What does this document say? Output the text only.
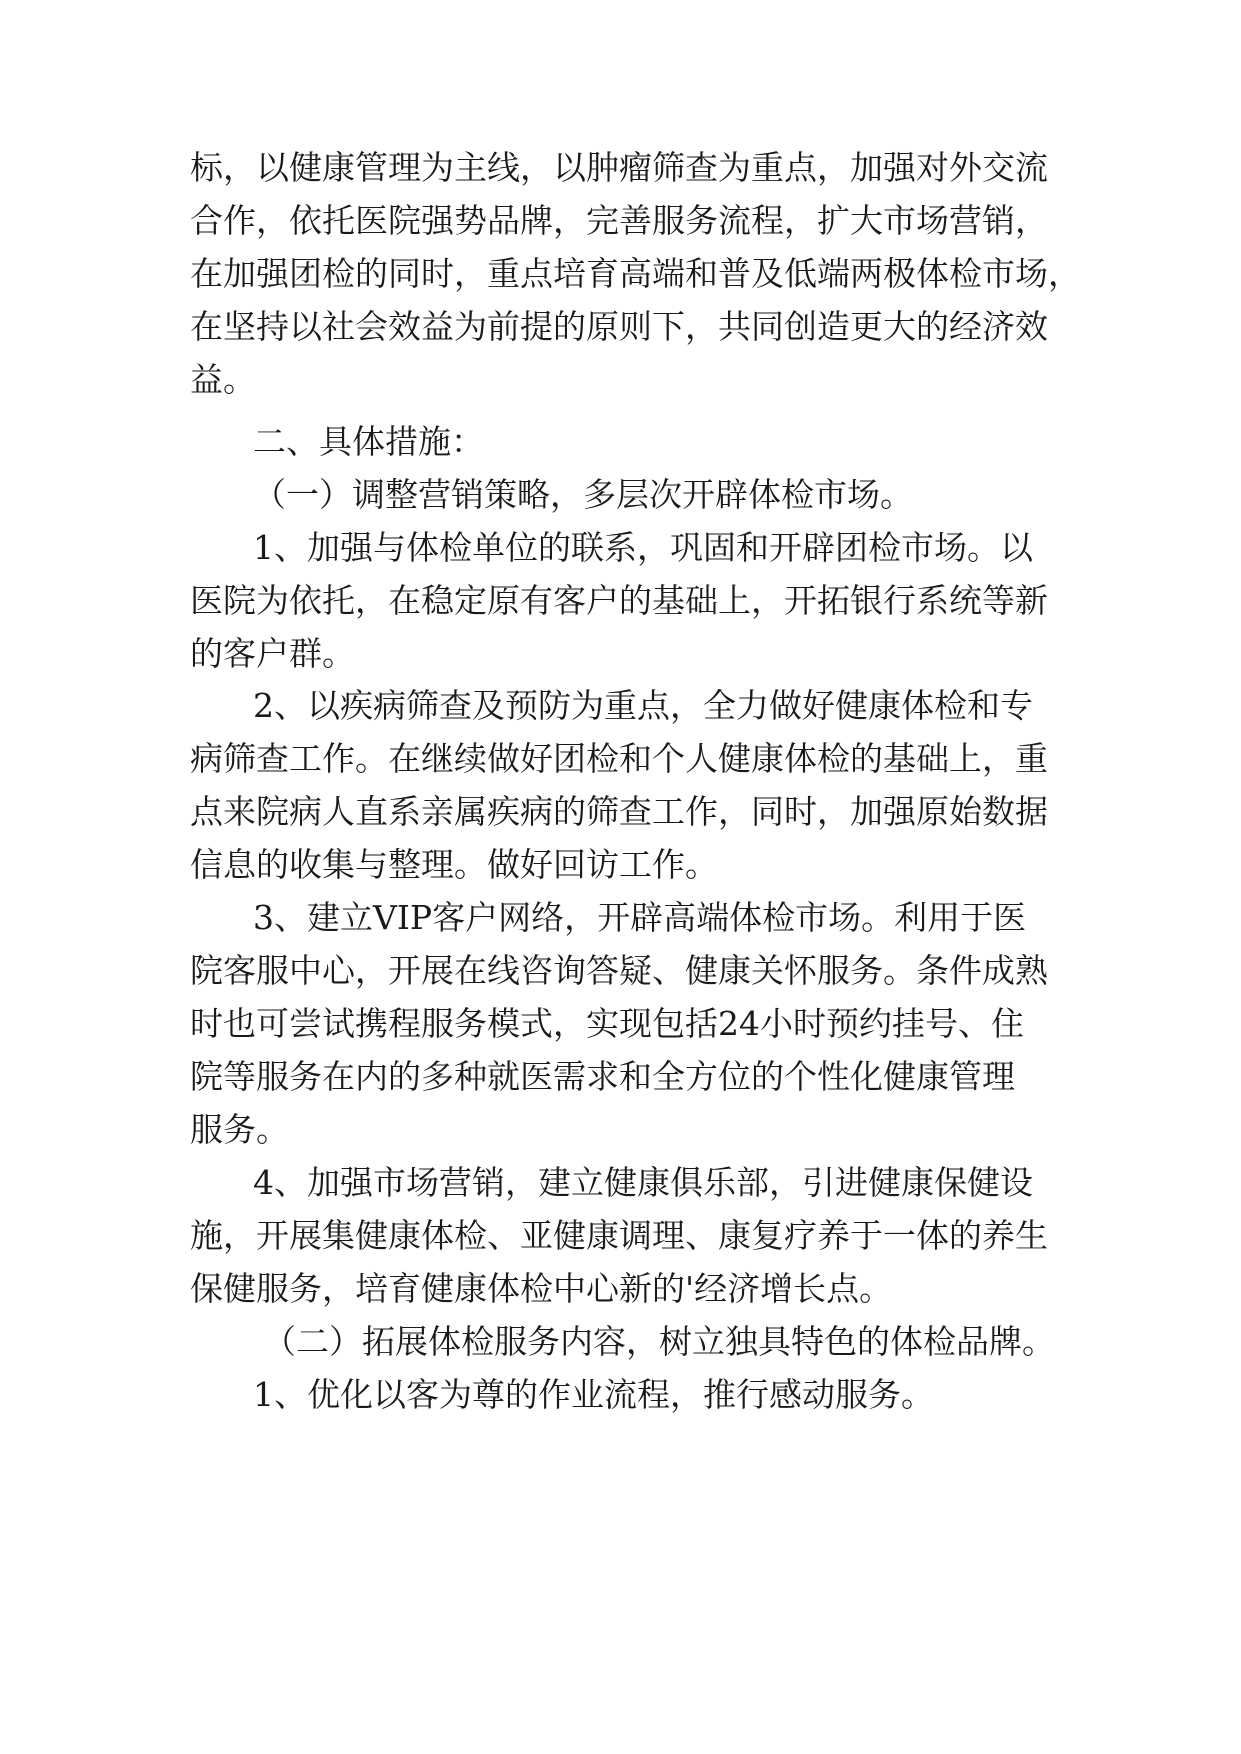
标，以健康管理为主线，以肿瘤筛查为重点，加强对外交流
合作，依托医院强势品牌，完善服务流程，扩大市场营销，
在加强团检的同时，重点培育高端和普及低端两极体检市场，
在坚持以社会效益为前提的原则下，共同创造更大的经济效
益。
二、具体措施：
（一）调整营销策略，多层次开辟体检市场。
1、加强与体检单位的联系，巩固和开辟团检市场。以
医院为依托，在稳定原有客户的基础上，开拓银行系统等新
的客户群。
2、以疾病筛查及预防为重点，全力做好健康体检和专
病筛查工作。在继续做好团检和个人健康体检的基础上，重
点来院病人直系亲属疾病的筛查工作，同时，加强原始数据
信息的收集与整理。做好回访工作。
3、建立VIP客户网络，开辟高端体检市场。利用于医
院客服中心，开展在线咨询答疑、健康关怀服务。条件成熟
时也可尝试携程服务模式，实现包括24小时预约挂号、住
院等服务在内的多种就医需求和全方位的个性化健康管理
服务。
4、加强市场营销，建立健康俱乐部，引进健康保健设
施，开展集健康体检、亚健康调理、康复疗养于一体的养生
保健服务，培育健康体检中心新的'经济增长点。
（二）拓展体检服务内容，树立独具特色的体检品牌。
1、优化以客为尊的作业流程，推行感动服务。
